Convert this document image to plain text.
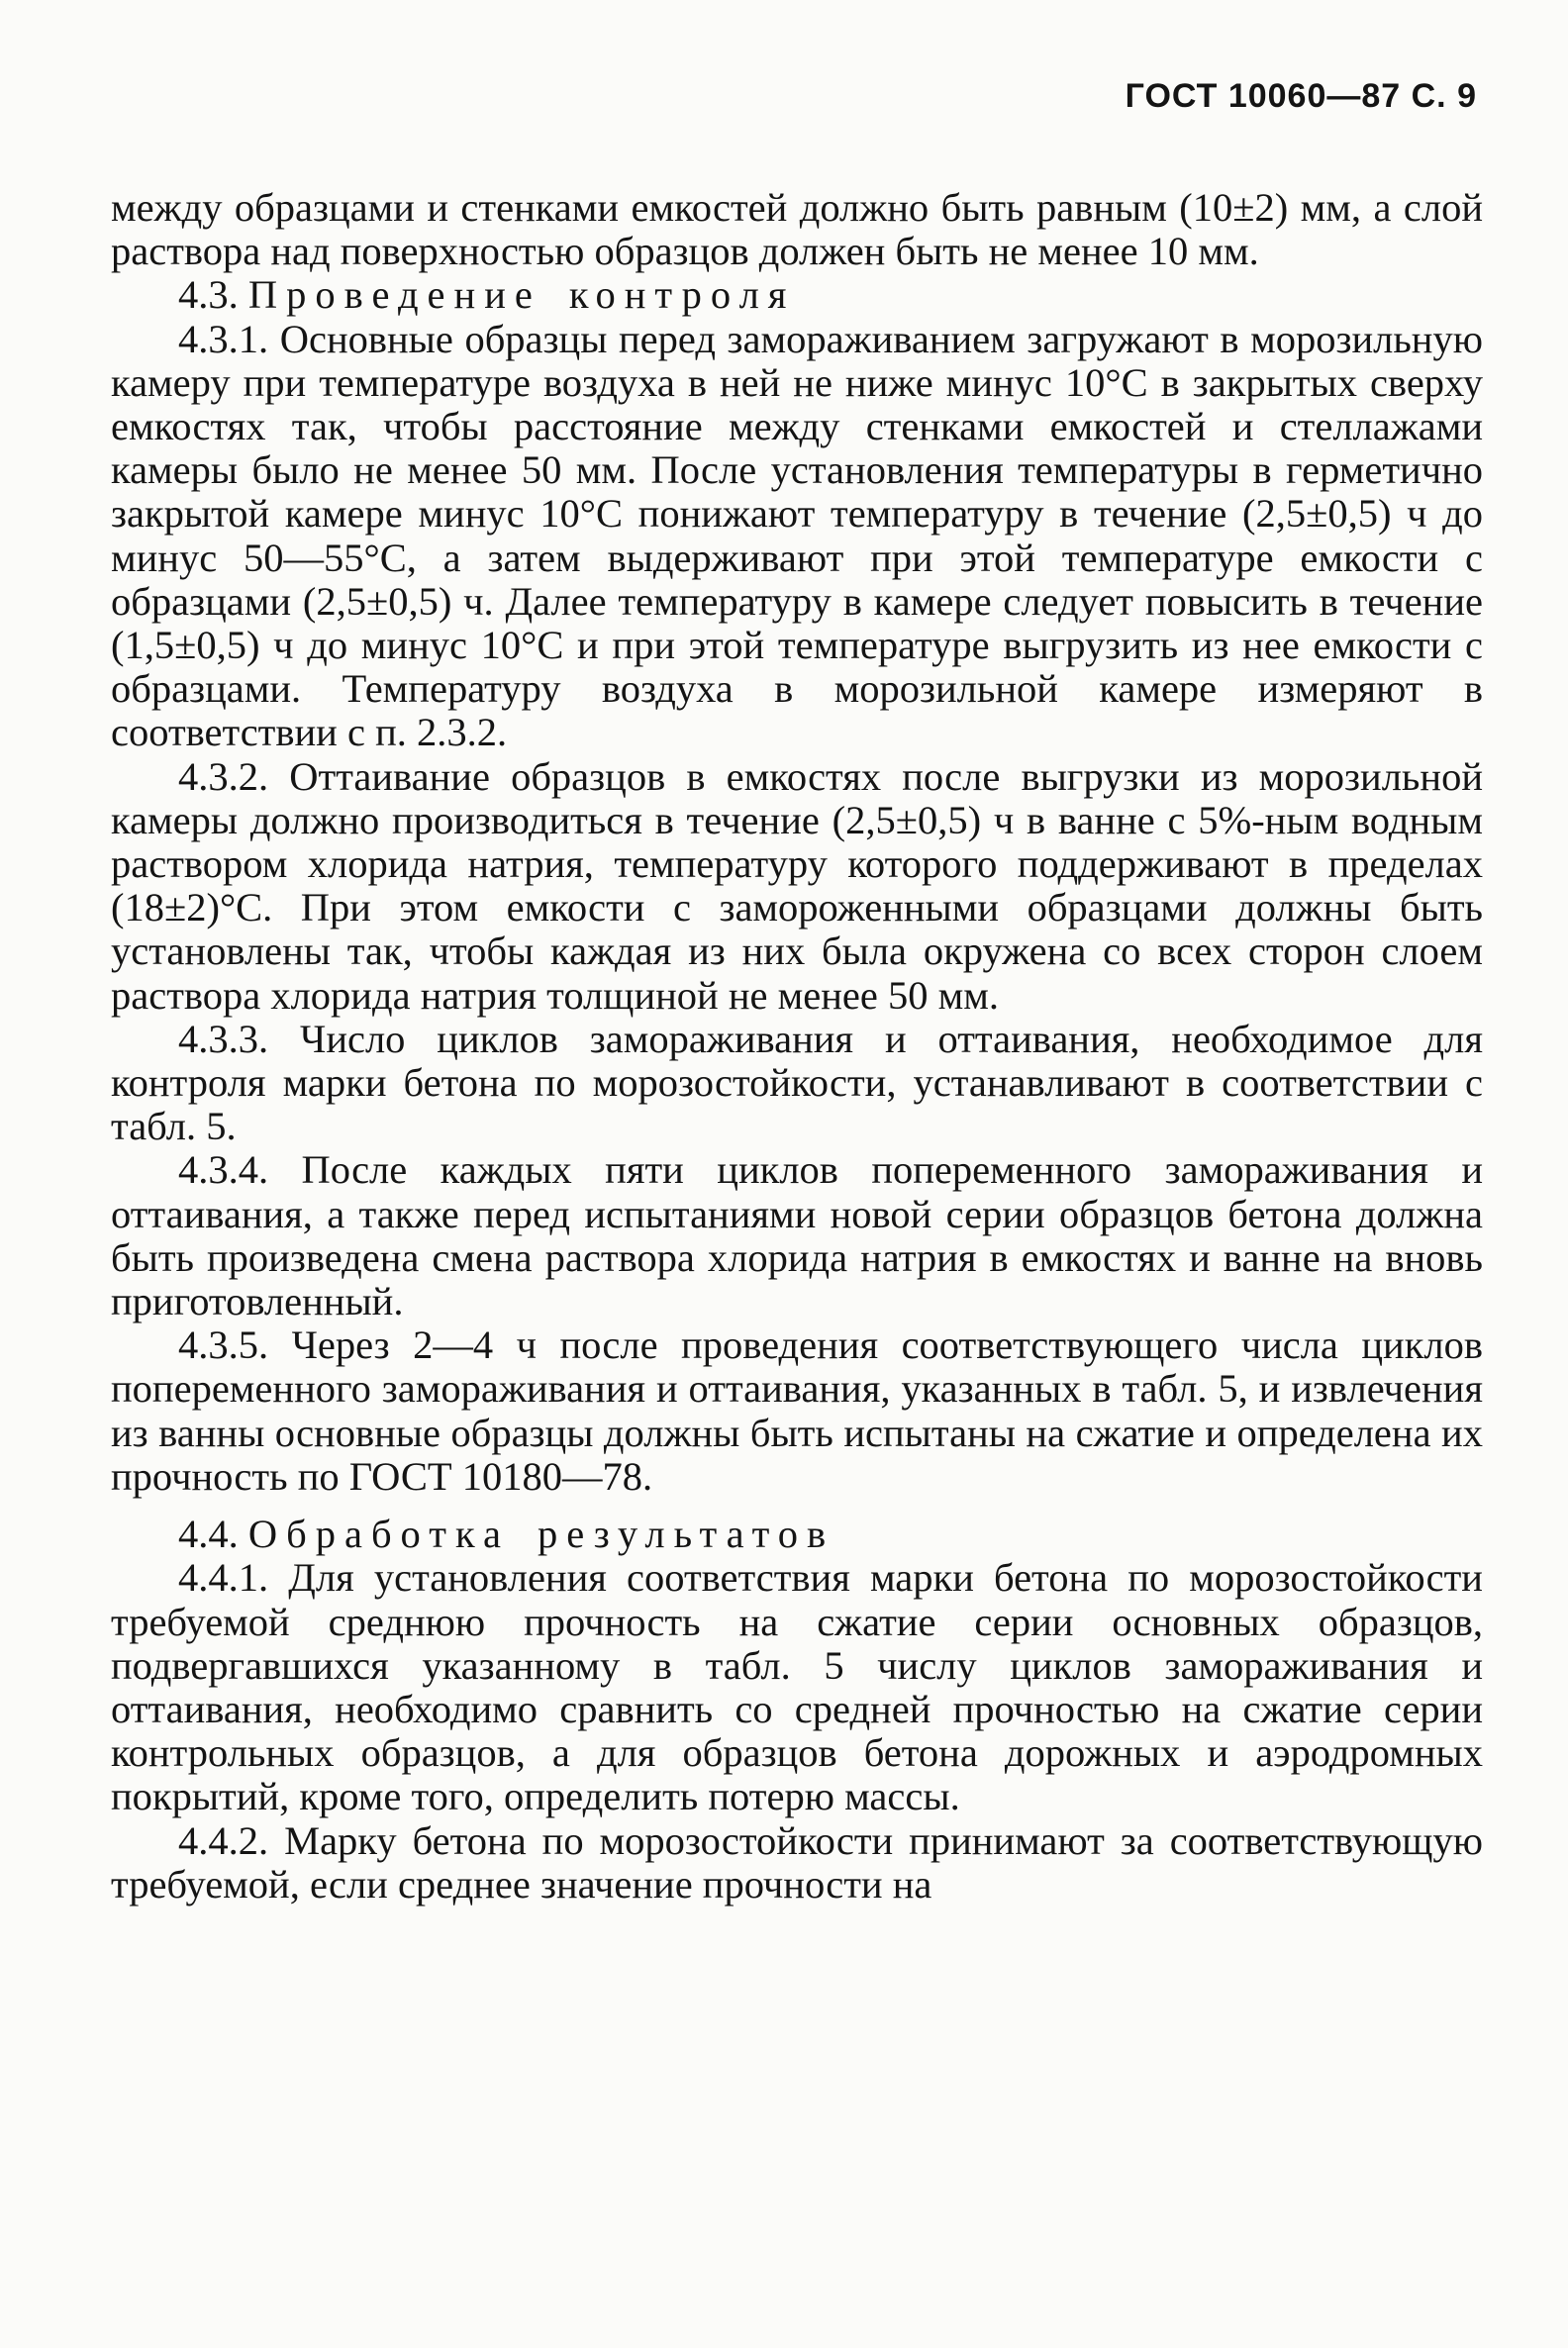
ГОСТ 10060—87 С. 9

между образцами и стенками емкостей должно быть равным (10±2) мм, а слой раствора над поверхностью образцов должен быть не менее 10 мм.

4.3. Проведение контроля

4.3.1. Основные образцы перед замораживанием загружают в морозильную камеру при температуре воздуха в ней не ниже минус 10°С в закрытых сверху емкостях так, чтобы расстояние между стенками емкостей и стеллажами камеры было не менее 50 мм. После установления температуры в герметично закрытой камере минус 10°С понижают температуру в течение (2,5±0,5) ч до минус 50—55°С, а затем выдерживают при этой температуре емкости с образцами (2,5±0,5) ч. Далее температуру в камере следует повысить в течение (1,5±0,5) ч до минус 10°С и при этой температуре выгрузить из нее емкости с образцами. Температуру воздуха в морозильной камере измеряют в соответствии с п. 2.3.2.

4.3.2. Оттаивание образцов в емкостях после выгрузки из морозильной камеры должно производиться в течение (2,5±0,5) ч в ванне с 5%-ным водным раствором хлорида натрия, температуру которого поддерживают в пределах (18±2)°С. При этом емкости с замороженными образцами должны быть установлены так, чтобы каждая из них была окружена со всех сторон слоем раствора хлорида натрия толщиной не менее 50 мм.

4.3.3. Число циклов замораживания и оттаивания, необходимое для контроля марки бетона по морозостойкости, устанавливают в соответствии с табл. 5.

4.3.4. После каждых пяти циклов попеременного замораживания и оттаивания, а также перед испытаниями новой серии образцов бетона должна быть произведена смена раствора хлорида натрия в емкостях и ванне на вновь приготовленный.

4.3.5. Через 2—4 ч после проведения соответствующего числа циклов попеременного замораживания и оттаивания, указанных в табл. 5, и извлечения из ванны основные образцы должны быть испытаны на сжатие и определена их прочность по ГОСТ 10180—78.

4.4. Обработка результатов

4.4.1. Для установления соответствия марки бетона по морозостойкости требуемой среднюю прочность на сжатие серии основных образцов, подвергавшихся указанному в табл. 5 числу циклов замораживания и оттаивания, необходимо сравнить со средней прочностью на сжатие серии контрольных образцов, а для образцов бетона дорожных и аэродромных покрытий, кроме того, определить потерю массы.

4.4.2. Марку бетона по морозостойкости принимают за соответствующую требуемой, если среднее значение прочности на
